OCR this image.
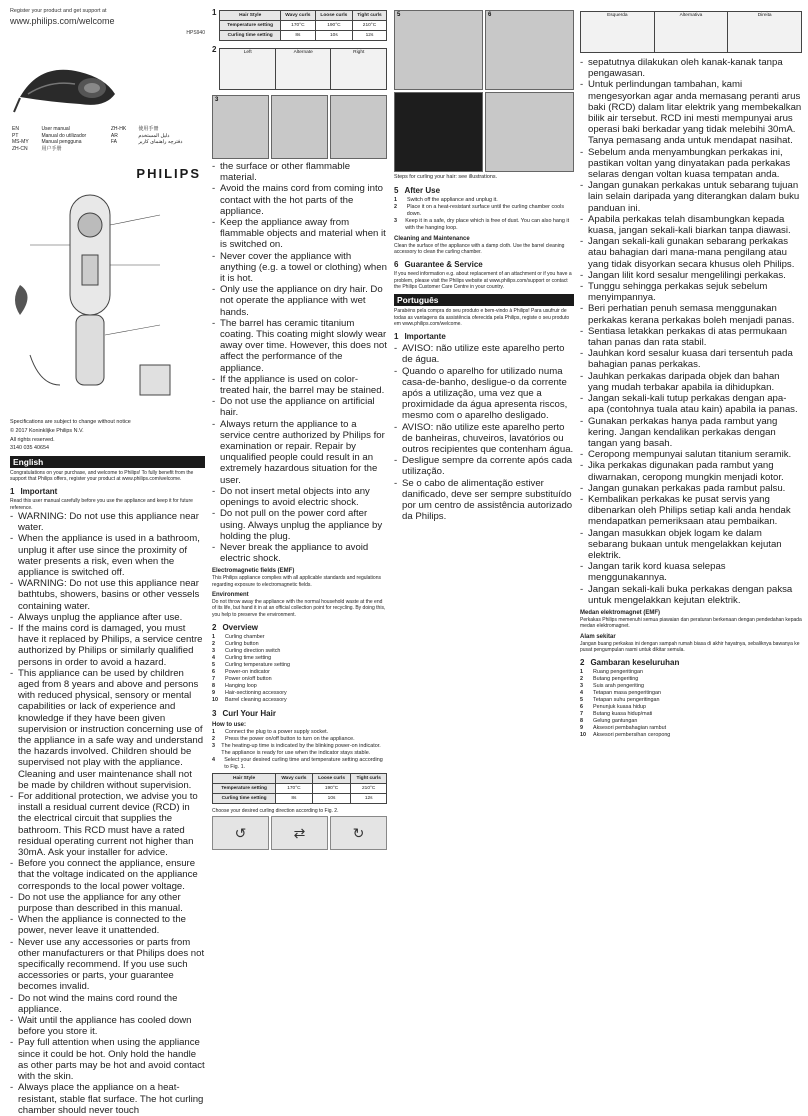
Register your product and get support at
www.philips.com/welcome
HPS940
EN	User manual	ZH-HK	使用手冊
PT	Manual do utilizador	AR	دليل المستخدم
MS-MY	Manual pengguna	FA	دفترچه راهنمای کاربر
ZH-CN	用户手册		
PHILIPS
Specifications are subject to change without notice
© 2017 Koninklijke Philips N.V.
All rights reserved.
3140 035 40654
English
Congratulations on your purchase, and welcome to Philips! To fully benefit from the support that Philips offers, register your product at www.philips.com/welcome.
1 Important
Read this user manual carefully before you use the appliance and keep it for future reference.
- WARNING: Do not use this appliance near water.
- When the appliance is used in a bathroom, unplug it after use since the proximity of water presents a risk, even when the appliance is switched off.
- WARNING: Do not use this appliance near bathtubs, showers, basins or other vessels containing water.
- Always unplug the appliance after use.
- If the mains cord is damaged, you must have it replaced by Philips, a service centre authorized by Philips or similarly qualified persons in order to avoid a hazard.
- This appliance can be used by children aged from 8 years and above and persons with reduced physical, sensory or mental capabilities or lack of experience and knowledge if they have been given supervision or instruction concerning use of the appliance in a safe way and understand the hazards involved. Children should be supervised not play with the appliance. Cleaning and user maintenance shall not be made by children without supervision.
- For additional protection, we advise you to install a residual current device (RCD) in the electrical circuit that supplies the bathroom. This RCD must have a rated residual operating current not higher than 30mA. Ask your installer for advice.
- Before you connect the appliance, ensure that the voltage indicated on the appliance corresponds to the local power voltage.
- Do not use the appliance for any other purpose than described in this manual.
- When the appliance is connected to the power, never leave it unattended.
- Never use any accessories or parts from other manufacturers or that Philips does not specifically recommend. If you use such accessories or parts, your guarantee becomes invalid.
- Do not wind the mains cord round the appliance.
- Wait until the appliance has cooled down before you store it.
- Pay full attention when using the appliance since it could be hot. Only hold the handle as other parts may be hot and avoid contact with the skin.
- Always place the appliance on a heat-resistant, stable flat surface. The hot curling chamber should never touch
1	Hair Style	Wavy curls	Loose curls	Tight curls
Temperature setting	170°C	190°C	210°C
Curling time setting	8s	10s	12s
2	Left	Alternate	Right
3
- the surface or other flammable material.
- Avoid the mains cord from coming into contact with the hot parts of the appliance.
- Keep the appliance away from flammable objects and material when it is switched on.
- Never cover the appliance with anything (e.g. a towel or clothing) when it is hot.
- Only use the appliance on dry hair. Do not operate the appliance with wet hands.
- The barrel has ceramic titanium coating. This coating might slowly wear away over time. However, this does not affect the performance of the appliance.
- If the appliance is used on color-treated hair, the barrel may be stained.
- Do not use the appliance on artificial hair.
- Always return the appliance to a service centre authorized by Philips for examination or repair. Repair by unqualified people could result in an extremely hazardous situation for the user.
- Do not insert metal objects into any openings to avoid electric shock.
- Do not pull on the power cord after using. Always unplug the appliance by holding the plug.
- Never break the appliance to avoid electric shock.
Electromagnetic fields (EMF)
This Philips appliance complies with all applicable standards and regulations regarding exposure to electromagnetic fields.
Environment
Do not throw away the appliance with the normal household waste at the end of its life, but hand it in at an official collection point for recycling. By doing this, you help to preserve the environment.
2 Overview
1	Curling chamber
2	Curling button
3	Curling direction switch
4	Curling time setting
5	Curling temperature setting
6	Power-on indicator
7	Power on/off button
8	Hanging loop
9	Hair-sectioning accessory
10	Barrel cleaning accessory
3 Curl Your Hair
How to use:
1	Connect the plug to a power supply socket.
2	Press the power on/off button to turn on the appliance.
3 The heating-up time is indicated by the blinking power-on indicator. The appliance is ready for use when the indicator stays stable.
4	Select your desired curling time and temperature setting according to Fig. 1.
Hair Style	Wavy curls	Loose curls	Tight curls
Temperature setting	170°C	190°C	210°C
Curling time setting	8s	10s	12s
Choose your desired curling direction according to Fig. 2.
↺	⇄	↻
5	6
Steps for curling your hair: see illustrations.
5 After Use
1	Switch off the appliance and unplug it.
2	Place it on a heat-resistant surface until the curling chamber cools down.
3	Keep it in a safe, dry place which is free of dust. You can also hang it with the hanging loop.
Cleaning and Maintenance
Clean the surface of the appliance with a damp cloth. Use the barrel cleaning accessory to clean the curling chamber.
6 Guarantee & Service
If you need information e.g. about replacement of an attachment or if you have a problem, please visit the Philips website at www.philips.com/support or contact the Philips Customer Care Centre in your country.
Português
Parabéns pela compra do seu produto e bem-vindo à Philips! Para usufruir de todas as vantagens da assistência oferecida pela Philips, registe o seu produto em www.philips.com/welcome.
1 Importante
- AVISO: não utilize este aparelho perto de água.
- Quando o aparelho for utilizado numa casa-de-banho, desligue-o da corrente após a utilização, uma vez que a proximidade da água apresenta riscos, mesmo com o aparelho desligado.
- AVISO: não utilize este aparelho perto de banheiras, chuveiros, lavatórios ou outros recipientes que contenham água.
- Desligue sempre da corrente após cada utilização.
- Se o cabo de alimentação estiver danificado, deve ser sempre substituído por um centro de assistência autorizado da Philips.
Esquerda	Alternativa	Direita
- sepatutnya dilakukan oleh kanak-kanak tanpa pengawasan.
- Untuk perlindungan tambahan, kami mengesyorkan agar anda memasang peranti arus baki (RCD) dalam litar elektrik yang membekalkan bilik air tersebut. RCD ini mesti mempunyai arus operasi baki berkadar yang tidak melebihi 30mA. Tanya pemasang anda untuk mendapat nasihat.
- Sebelum anda menyambungkan perkakas ini, pastikan voltan yang dinyatakan pada perkakas selaras dengan voltan kuasa tempatan anda.
- Jangan gunakan perkakas untuk sebarang tujuan lain selain daripada yang diterangkan dalam buku panduan ini.
- Apabila perkakas telah disambungkan kepada kuasa, jangan sekali-kali biarkan tanpa diawasi.
- Jangan sekali-kali gunakan sebarang perkakas atau bahagian dari mana-mana pengilang atau yang tidak disyorkan secara khusus oleh Philips.
- Jangan lilit kord sesalur mengelilingi perkakas.
- Tunggu sehingga perkakas sejuk sebelum menyimpannya.
- Beri perhatian penuh semasa menggunakan perkakas kerana perkakas boleh menjadi panas.
- Sentiasa letakkan perkakas di atas permukaan tahan panas dan rata stabil.
- Jauhkan kord sesalur kuasa dari tersentuh pada bahagian panas perkakas.
- Jauhkan perkakas daripada objek dan bahan yang mudah terbakar apabila ia dihidupkan.
- Jangan sekali-kali tutup perkakas dengan apa-apa (contohnya tuala atau kain) apabila ia panas.
- Gunakan perkakas hanya pada rambut yang kering. Jangan kendalikan perkakas dengan tangan yang basah.
- Ceropong mempunyai salutan titanium seramik.
- Jika perkakas digunakan pada rambut yang diwarnakan, ceropong mungkin menjadi kotor.
- Jangan gunakan perkakas pada rambut palsu.
- Kembalikan perkakas ke pusat servis yang dibenarkan oleh Philips setiap kali anda hendak mendapatkan pemeriksaan atau pembaikan.
- Jangan masukkan objek logam ke dalam sebarang bukaan untuk mengelakkan kejutan elektrik.
- Jangan tarik kord kuasa selepas menggunakannya.
- Jangan sekali-kali buka perkakas dengan paksa untuk mengelakkan kejutan elektrik.
Medan elektromagnet (EMF)
Perkakas Philips memenuhi semua piawaian dan peraturan berkenaan dengan pendedahan kepada medan elektromagnet.
Alam sekitar
Jangan buang perkakas ini dengan sampah rumah biasa di akhir hayatnya, sebaliknya bawanya ke pusat pengumpulan rasmi untuk dikitar semula.
2 Gambaran keseluruhan
1	Ruang pengeritingan
2	Butang pengeriting
3	Suis arah pengeriting
4	Tetapan masa pengeritingan
5	Tetapan suhu pengeritingan
6	Penunjuk kuasa hidup
7	Butang kuasa hidup/mati
8	Gelung gantungan
9	Aksesori pembahagian rambut
10	Aksesori pembersihan ceropong
